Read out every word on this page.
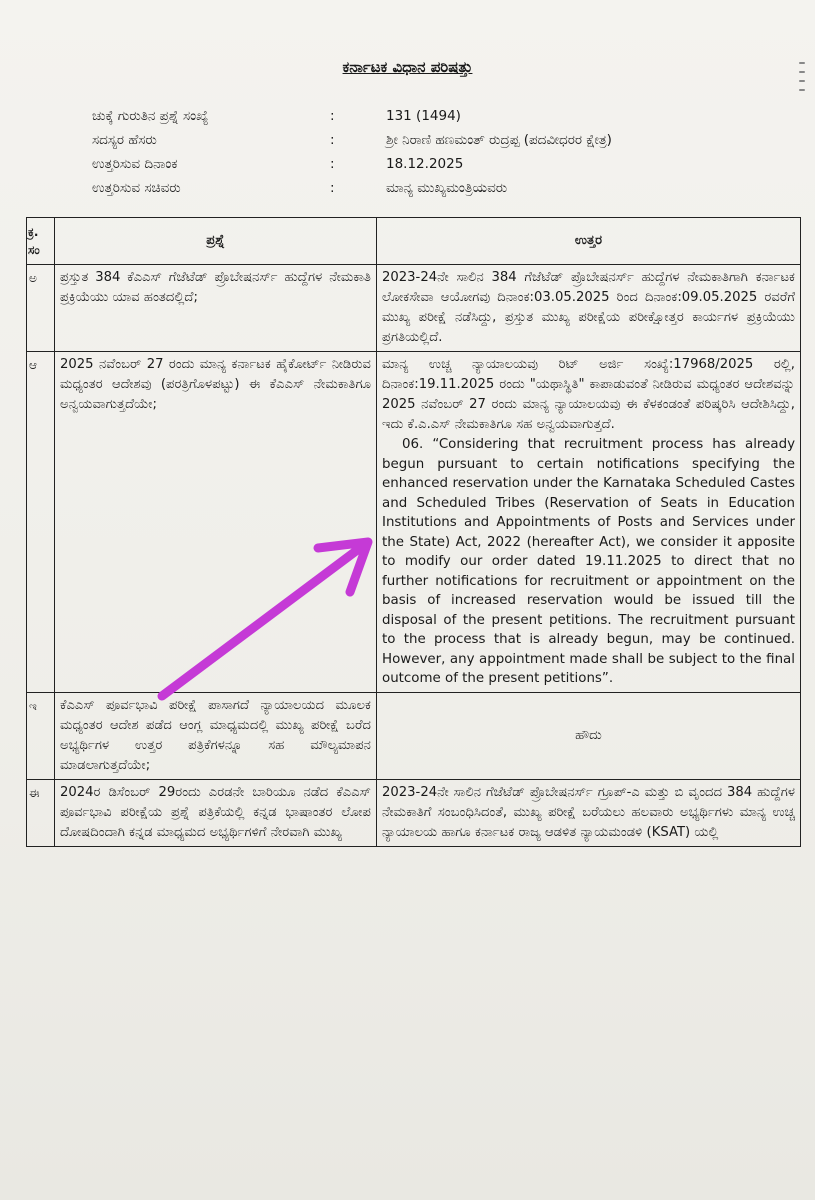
ಕರ್ನಾಟಕ ವಿಧಾನ ಪರಿಷತ್ತು
ಚುಕ್ಕೆ ಗುರುತಿನ ಪ್ರಶ್ನೆ ಸಂಖ್ಯೆ	:	131 (1494)
ಸದಸ್ಯರ ಹೆಸರು	:	ಶ್ರೀ ನಿರಾಣಿ ಹಣಮಂತ್ ರುದ್ರಪ್ಪ (ಪದವೀಧರರ ಕ್ಷೇತ್ರ)
ಉತ್ತರಿಸುವ ದಿನಾಂಕ	:	18.12.2025
ಉತ್ತರಿಸುವ ಸಚಿವರು	:	ಮಾನ್ಯ ಮುಖ್ಯಮಂತ್ರಿಯವರು
ಕ್ರ. ಸಂ	ಪ್ರಶ್ನೆ	ಉತ್ತರ
ಅ	ಪ್ರಸ್ತುತ 384 ಕೆಎಎಸ್ ಗೆಜೆಟೆಡ್ ಪ್ರೊಬೇಷನರ್ಸ್ ಹುದ್ದೆಗಳ ನೇಮಕಾತಿ ಪ್ರಕ್ರಿಯೆಯು ಯಾವ ಹಂತದಲ್ಲಿದೆ;	2023-24ನೇ ಸಾಲಿನ 384 ಗೆಜೆಟೆಡ್ ಪ್ರೊಬೇಷನರ್ಸ್ ಹುದ್ದೆಗಳ ನೇಮಕಾತಿಗಾಗಿ ಕರ್ನಾಟಕ ಲೋಕಸೇವಾ ಆಯೋಗವು ದಿನಾಂಕ:03.05.2025 ರಿಂದ ದಿನಾಂಕ:09.05.2025 ರವರೆಗೆ ಮುಖ್ಯ ಪರೀಕ್ಷೆ ನಡೆಸಿದ್ದು, ಪ್ರಸ್ತುತ ಮುಖ್ಯ ಪರೀಕ್ಷೆಯ ಪರೀಕ್ಷೋತ್ತರ ಕಾರ್ಯಗಳ ಪ್ರಕ್ರಿಯೆಯು ಪ್ರಗತಿಯಲ್ಲಿದೆ.
ಆ	2025 ನವೆಂಬರ್ 27 ರಂದು ಮಾನ್ಯ ಕರ್ನಾಟಕ ಹೈಕೋರ್ಟ್ ನೀಡಿರುವ ಮಧ್ಯಂತರ ಆದೇಶವು (ಪರತ್ರಿಗೊಳಪಟ್ಟು) ಈ ಕೆಎಎಸ್ ನೇಮಕಾತಿಗೂ ಅನ್ವಯವಾಗುತ್ತದೆಯೇ;	ಮಾನ್ಯ ಉಚ್ಚ ನ್ಯಾಯಾಲಯವು ರಿಟ್ ಅರ್ಜಿ ಸಂಖ್ಯೆ:17968/2025 ರಲ್ಲಿ, ದಿನಾಂಕ:19.11.2025 ರಂದು "ಯಥಾಸ್ಥಿತಿ" ಕಾಪಾಡುವಂತೆ ನೀಡಿರುವ ಮಧ್ಯಂತರ ಆದೇಶವನ್ನು 2025 ನವೆಂಬರ್ 27 ರಂದು ಮಾನ್ಯ ನ್ಯಾಯಾಲಯವು ಈ ಕೆಳಕಂಡಂತೆ ಪರಿಷ್ಕರಿಸಿ ಆದೇಶಿಸಿದ್ದು, ಇದು ಕೆ.ಎ.ಎಸ್ ನೇಮಕಾತಿಗೂ ಸಹ ಅನ್ವಯವಾಗುತ್ತದೆ.

06. “Considering that recruitment process has already begun pursuant to certain notifications specifying the enhanced reservation under the Karnataka Scheduled Castes and Scheduled Tribes (Reservation of Seats in Education Institutions and Appointments of Posts and Services under the State) Act, 2022 (hereafter Act), we consider it apposite to modify our order dated 19.11.2025 to direct that no further notifications for recruitment or appointment on the basis of increased reservation would be issued till the disposal of the present petitions. The recruitment pursuant to the process that is already begun, may be continued. However, any appointment made shall be subject to the final outcome of the present petitions”.

ಇ	ಕೆಎಎಸ್ ಪೂರ್ವಭಾವಿ ಪರೀಕ್ಷೆ ಪಾಸಾಗದೆ ನ್ಯಾಯಾಲಯದ ಮೂಲಕ ಮಧ್ಯಂತರ ಆದೇಶ ಪಡೆದ ಆಂಗ್ಲ ಮಾಧ್ಯಮದಲ್ಲಿ ಮುಖ್ಯ ಪರೀಕ್ಷೆ ಬರೆದ ಅಭ್ಯರ್ಥಿಗಳ ಉತ್ತರ ಪತ್ರಿಕೆಗಳನ್ನೂ ಸಹ ಮೌಲ್ಯಮಾಪನ ಮಾಡಲಾಗುತ್ತದೆಯೇ;	ಹೌದು
ಈ	2024ರ ಡಿಸೆಂಬರ್ 29ರಂದು ಎರಡನೇ ಬಾರಿಯೂ ನಡೆದ ಕೆಎಎಸ್ ಪೂರ್ವಭಾವಿ ಪರೀಕ್ಷೆಯ ಪ್ರಶ್ನೆ ಪತ್ರಿಕೆಯಲ್ಲಿ ಕನ್ನಡ ಭಾಷಾಂತರ ಲೋಪ ದೋಷದಿಂದಾಗಿ ಕನ್ನಡ ಮಾಧ್ಯಮದ ಅಭ್ಯರ್ಥಿಗಳಿಗೆ ನೇರವಾಗಿ ಮುಖ್ಯ	2023-24ನೇ ಸಾಲಿನ ಗೆಜೆಟೆಡ್ ಪ್ರೊಬೇಷನರ್ಸ್ ಗ್ರೂಪ್-ಎ ಮತ್ತು ಬಿ ವೃಂದದ 384 ಹುದ್ದೆಗಳ ನೇಮಕಾತಿಗೆ ಸಂಬಂಧಿಸಿದಂತೆ, ಮುಖ್ಯ ಪರೀಕ್ಷೆ ಬರೆಯಲು ಹಲವಾರು ಅಭ್ಯರ್ಥಿಗಳು ಮಾನ್ಯ ಉಚ್ಚ ನ್ಯಾಯಾಲಯ ಹಾಗೂ ಕರ್ನಾಟಕ ರಾಜ್ಯ ಆಡಳಿತ ನ್ಯಾಯಮಂಡಳಿ (KSAT) ಯಲ್ಲಿ
